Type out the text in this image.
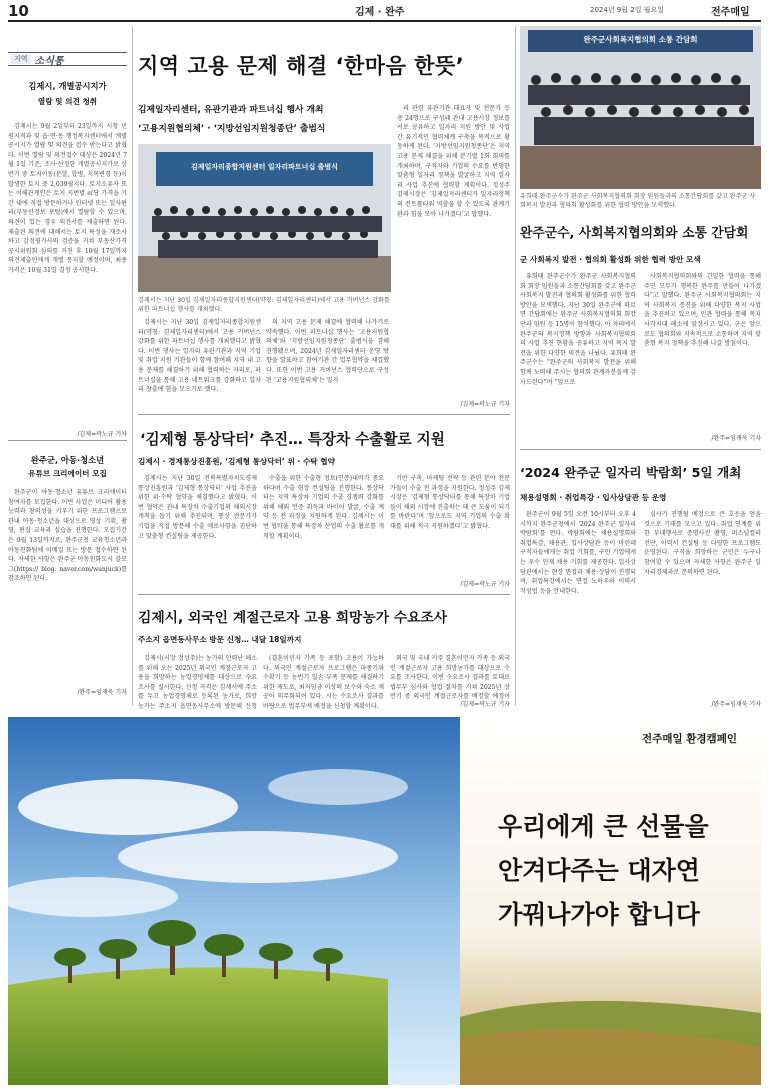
10	김제 · 완주	2024년 9월 2일 월요일	전주매일
지역 소식통
김제시, 개별공시지가
열람 및 의견 청취

김제시는 9월 2일부터 23일까지 시청 민원지적과 및 읍·면·동 행정복지센터에서 개별공시지가 열람 및 의견을 접수 받는다고 밝혔다. 이번 열람 및 의견접수 대상은 2024년 7월 1일 기준, 조사·산정한 개별공시지가로 상반기 중 토지이동(분할, 합병, 지목변경 등)이 발생한 토지 중 2,039필지다. 토지소유자 또는 이해관계인은 토지 지번별 ㎡당 가격을 기간 내에 직접 방문하거나 인터넷 또는 일사편리(부동산정보 포털)에서 열람할 수 있으며, 의견이 있는 경우 의견서를 제출하면 된다. 제출된 의견에 대해서는 토지 특성을 재조사하고 감정평가사의 검증을 거쳐 부동산가격공시위원회 심의를 거친 후 10월 17일까지 의견제출인에게 개별 통지할 예정이며, 최종 가격은 10월 31일 결정 공시한다.

/김제=곽노규 기자
완주군, 아동·청소년
유튜브 크리에이터 모집

완주군이 아동·청소년 유튜브 크리에이터 참여자를 모집한다. 이번 사업은 미디어 활용 능력과 창의성을 키우기 위한 프로그램으로 관내 아동·청소년을 대상으로 영상 기획, 촬영, 편집 교육과 실습을 진행한다. 모집기간은 9월 13일까지로, 완주군청 교육청소년과 아동친화팀에 이메일 또는 방문 접수하면 된다. 자세한 사항은 완주군 아동친화도시 블로그(https:// blog. naver.com/wanjuck)를 참조하면 된다.

/완주=임재욱 기자
지역 고용 문제 해결 ‘한마음 한뜻’
김제일자리센터, 유관기관과 파트너십 행사 개최
‘고용지원협의체’ · ‘지방선임지원청종단’ 출범식
김제일자리종합지원센터 일자리파트너십 출범식
김제시는 지난 30일 김제일자리종합지원센터(약칭: 김제일자리센터)에서 고용 거버넌스 강화를 위한 파트너십 행사를 개최했다.

김제시는 지난 30일 김제일자리종합지원센터(약칭: 김제일자리센터)에서 고용 거버넌스 강화를 위한 파트너십 행사를 개최했다고 밝혔다. 이번 행사는 일자리 유관기관과 지역 기업 및 취업 지원 기관들이 함께 참여해 지역 내 고용 문제를 해결하기 위해 협력하는 자리로, 파트너십을 통해 고용 네트워크를 강화하고 일자리 창출에 힘을 모으기로 했다.

의 지역 고용 문제 해결에 협력해 나가기로 약속했다. 이번 파트너십 행사는 ‘고용지원협의체’와 ‘지방선임지원청종단’ 출범식을 겸해 진행됐으며, 2024년 김제일자리센터 운영 방향을 발표하고 참여기관 간 업무협약을 체결했다. 또한 이번 고용 거버넌스 협력단으로 구성된 ‘고용지원협의체’는 일자

리 관련 유관기관 대표자 및 전문가 등 총 24명으로 구성돼 관내 고용시장 정보를 서로 공유하고 일자리 지원 방안 및 사업 간 유기적인 협력체계 구축을 목적으로 활동하게 된다. ‘지방선임지원청종단’은 지역 고용 문제 해결을 위해 분기별 1회 회의를 개최하며, 구직자와 기업의 수요를 반영한 맞춤형 일자리 정책을 발굴하고 지역 일자리 사업 추진에 협력할 계획이다. 정성주 김제시장은 ‘김제일자리센터가 일자리정책의 컨트롤타워 역할을 할 수 있도록 관계기관과 힘을 모아 나가겠다’고 말했다.

/김제=곽노규 기자
완주군사회복지협의회 소통 간담회
유희태 완주군수가 완주군 사회복지협의회 회장 임원들과의 소통간담회를 갖고 완주군 사회복지 발전과 협의회 활성화를 위한 협력 방안을 모색했다.
완주군수, 사회복지협의회와 소통 간담회
군 사회복지 발전 · 협의회 활성화 위한 협력 방안 모색

유희태 완주군수가 완주군 사회복지협의회 회장 임원들과 소통간담회를 갖고 완주군 사회복지 발전과 협의회 활성화를 위한 협력 방안을 모색했다. 지난 30일 완주군에 따르면 간담회에는 완주군 사회복지협의회 회장단과 임원 등 15명이 참석했다. 이 자리에서 완주군의 복지정책 방향과 사회복지협의회의 사업 추진 현황을 공유하고 지역 복지 발전을 위한 다양한 의견을 나눴다. 유희태 완주군수는 “완주군의 사회복지 발전을 위해 함께 노력해 주시는 협의회 관계자분들께 감사드린다”며 “앞으로

사회복지협의회와의 긴밀한 협력을 통해 주민 모두가 행복한 완주를 만들어 나가겠다”고 말했다. 완주군 사회복지협의회는 지역 사회복지 증진을 위해 다양한 복지 사업을 추진하고 있으며, 민관 협력을 통해 복지 사각지대 해소에 앞장서고 있다. 군은 앞으로도 협의회와 지속적으로 소통하며 지역 맞춤형 복지 정책을 추진해 나갈 방침이다.

/완주=임재욱 기자
‘김제형 통상닥터’ 추진… 특장차 수출활로 지원
김제시 · 경제통상진흥원, ‘김제형 통상닥터’ 위 · 수탁 협약

김제시는 지난 30일 전북특별자치도경제통상진흥원과 ‘김제형 통상닥터’ 사업 추진을 위한 위·수탁 협약을 체결했다고 밝혔다. 이번 협약은 관내 특장차 수출기업의 해외시장 개척을 돕기 위해 추진되며, 통상 전문가가 기업을 직접 방문해 수출 애로사항을 진단하고 맞춤형 컨설팅을 제공한다.

수출을 위한 수출형 정보(인증)내비가 중요하다며 수출 현장 컨설팅을 진행한다. 통상닥터는 지역 특장차 기업의 수출 경쟁력 강화를 위해 해외 인증 취득과 바이어 발굴, 수출 계약 등 전 과정을 지원하게 된다. 김제시는 이번 협약을 통해 특장차 산업의 수출 활로를 개척할 계획이다.

기반 구축, 마케팅 전략 등 관련 분야 전문가들이 수출 전 과정을 지원한다. 정성주 김제시장은 ‘김제형 통상닥터를 통해 특장차 기업들이 해외 시장에 진출하는 데 큰 도움이 되기를 바란다’며 ‘앞으로도 지역 기업의 수출 확대를 위해 적극 지원하겠다’고 밝혔다.

/김제=곽노규 기자
김제시, 외국인 계절근로자 고용 희망농가 수요조사
주소지 읍면동사무소 방문 신청… 내달 18일까지

김제시(시장 정성주)는 농가의 인력난 해소를 위해 오는 2025년 외국인 계절근로자 고용을 희망하는 농업경영체를 대상으로 수요조사를 실시한다. 신청 자격은 김제시에 주소를 두고 농업경영체로 등록된 농가로, 희망 농가는 주소지 읍면동사무소에 방문해 신청

(결혼이민자 가족 등 포함) 고용이 가능하다. 외국인 계절근로자 프로그램은 파종기와 수확기 등 농번기 일손 부족 문제를 해결하기 위한 제도로, 최저임금 이상의 보수와 숙소 제공이 의무화되어 있다. 시는 수요조사 결과를 바탕으로 법무부에 배정을 신청할 계획이다.

외국 및 국내 거주 결혼이민자 가족 등 외국인 계절근로자 고용 희망농가를 대상으로 수요를 조사한다. 이번 수요조사 결과를 토대로 법무부 심사와 협업 절차를 거쳐 2025년 상반기 중 외국인 계절근로자를 배정할 예정이

/김제=곽노규 기자
‘2024 완주군 일자리 박람회’ 5일 개최
채용설명회 · 취업특강 · 입사상담관 등 운영

완주군이 9월 5일 오전 10시부터 오후 4시까지 완주군청에서 ‘2024 완주군 일자리 박람회’를 연다. 박람회에는 채용설명회와 취업특강, 채용관, 입사상담관 등이 마련돼 구직자들에게는 취업 기회를, 구인 기업에게는 우수 인재 채용 기회를 제공한다. 입사상담관에서는 현장 면접과 채용 상담이 진행되며, 취업특강에서는 면접 노하우와 이력서 작성법 등을 안내한다.

심사가 진행될 예정으로 큰 호응을 얻을 것으로 기대를 모으고 있다. 취업 연계를 위한 부대행사로 증명사진 촬영, 퍼스널컬러 진단, 이력서 컨설팅 등 다양한 프로그램도 운영된다. 구직을 희망하는 군민은 누구나 참여할 수 있으며 자세한 사항은 완주군 일자리경제과로 문의하면 된다.

/완주=임재욱 기자
전주매일 환경캠페인
우리에게 큰 선물을
안겨다주는 대자연
가꿔나가야 합니다
